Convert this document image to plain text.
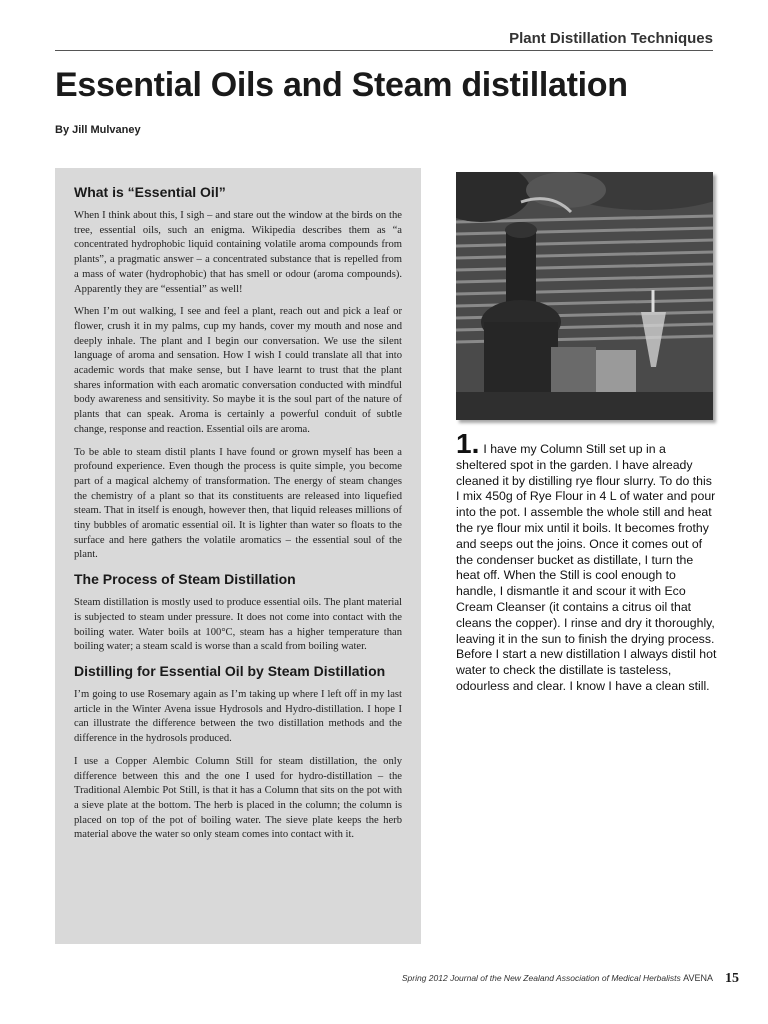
Plant Distillation Techniques
Essential Oils and Steam distillation
By Jill Mulvaney
What is “Essential Oil”

When I think about this, I sigh – and stare out the window at the birds on the tree, essential oils, such an enigma. Wikipedia describes them as “a concentrated hydrophobic liquid containing volatile aroma compounds from plants”, a pragmatic answer – a concentrated substance that is repelled from a mass of water (hydrophobic) that has smell or odour (aroma compounds). Apparently they are “essential” as well!

When I’m out walking, I see and feel a plant, reach out and pick a leaf or flower, crush it in my palms, cup my hands, cover my mouth and nose and deeply inhale. The plant and I begin our conversation. We use the silent language of aroma and sensation. How I wish I could translate all that into academic words that make sense, but I have learnt to trust that the plant shares information with each aromatic conversation conducted with mindful body awareness and sensitivity. So maybe it is the soul part of the nature of plants that can speak. Aroma is certainly a powerful conduit of subtle change, response and reaction. Essential oils are aroma.

To be able to steam distil plants I have found or grown myself has been a profound experience. Even though the process is quite simple, you become part of a magical alchemy of transformation. The energy of steam changes the chemistry of a plant so that its constituents are released into liquefied steam. That in itself is enough, however then, that liquid releases millions of tiny bubbles of aromatic essential oil. It is lighter than water so floats to the surface and here gathers the volatile aromatics – the essential soul of the plant.

The Process of Steam Distillation

Steam distillation is mostly used to produce essential oils. The plant material is subjected to steam under pressure. It does not come into contact with the boiling water. Water boils at 100°C, steam has a higher temperature than boiling water; a steam scald is worse than a scald from boiling water.

Distilling for Essential Oil by Steam Distillation

I’m going to use Rosemary again as I’m taking up where I left off in my last article in the Winter Avena issue Hydrosols and Hydro-distillation. I hope I can illustrate the difference between the two distillation methods and the difference in the hydrosols produced.

I use a Copper Alembic Column Still for steam distillation, the only difference between this and the one I used for hydro-distillation – the Traditional Alembic Pot Still, is that it has a Column that sits on the pot with a sieve plate at the bottom. The herb is placed in the column; the column is placed on top of the pot of boiling water. The sieve plate keeps the herb material above the water so only steam comes into contact with it.

1. I have my Column Still set up in a sheltered spot in the garden. I have already cleaned it by distilling rye flour slurry. To do this I mix 450g of Rye Flour in 4 L of water and pour into the pot. I assemble the whole still and heat the rye flour mix until it boils. It becomes frothy and seeps out the joins. Once it comes out of the condenser bucket as distillate, I turn the heat off. When the Still is cool enough to handle, I dismantle it and scour it with Eco Cream Cleanser (it contains a citrus oil that cleans the copper). I rinse and dry it thoroughly, leaving it in the sun to finish the drying process. Before I start a new distillation I always distil hot water to check the distillate is tasteless, odourless and clear. I know I have a clean still.
Spring 2012 Journal of the New Zealand Association of Medical Herbalists AVENA 15
